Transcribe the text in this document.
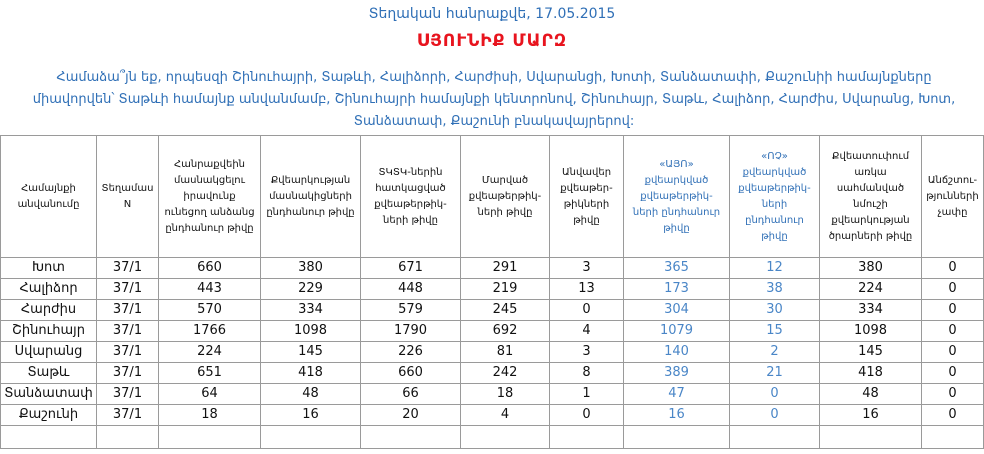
Տեղական հանրաքվե, 17.05.2015
ՍՅՈՒՆԻՔ ՄԱՐԶ
Համաձա՞յն եք, որպեսզի Շինուհայրի, Տաթևի, Հալիձորի, Հարժիսի, Սվարանցի, Խոտի, Տանձատափի, Քաշունիի համայնքները միավորվեն՝ Տաթևի համայնք անվանմամբ, Շինուհայրի համայնքի կենտրոնով, Շինուհայր, Տաթև, Հալիձոր, Հարժիս, Սվարանց, Խոտ, Տանձատափ, Քաշունի բնակավայրերով:
Համայնքի անվանումը	Տեղամաս N	Հանրաքվեին մասնակցելու իրավունք ունեցող անձանց ընդհանուր թիվը	Քվեարկության մասնակիցների ընդհանուր թիվը	ՏԿՏԿ-ներին հատկացված քվեաթերթիկ-ների թիվը	Մարված քվեաթերթիկ-ների թիվը	Անվավեր քվեաթեր-թիկների թիվը	«ԱՅՈ» քվեարկված քվեաթերթիկ-ների ընդհանուր թիվը	«ՈՉ» քվեարկված քվեաթերթիկ-ների ընդհանուր թիվը	Քվեատուփում առկա սահմանված նմուշի քվեարկության ծրարների թիվը	Անճշտու-թյունների չափը
Խոտ	37/1	660	380	671	291	3	365	12	380	0
Հալիձոր	37/1	443	229	448	219	13	173	38	224	0
Հարժիս	37/1	570	334	579	245	0	304	30	334	0
Շինուհայր	37/1	1766	1098	1790	692	4	1079	15	1098	0
Սվարանց	37/1	224	145	226	81	3	140	2	145	0
Տաթև	37/1	651	418	660	242	8	389	21	418	0
Տանձատափ	37/1	64	48	66	18	1	47	0	48	0
Քաշունի	37/1	18	16	20	4	0	16	0	16	0
